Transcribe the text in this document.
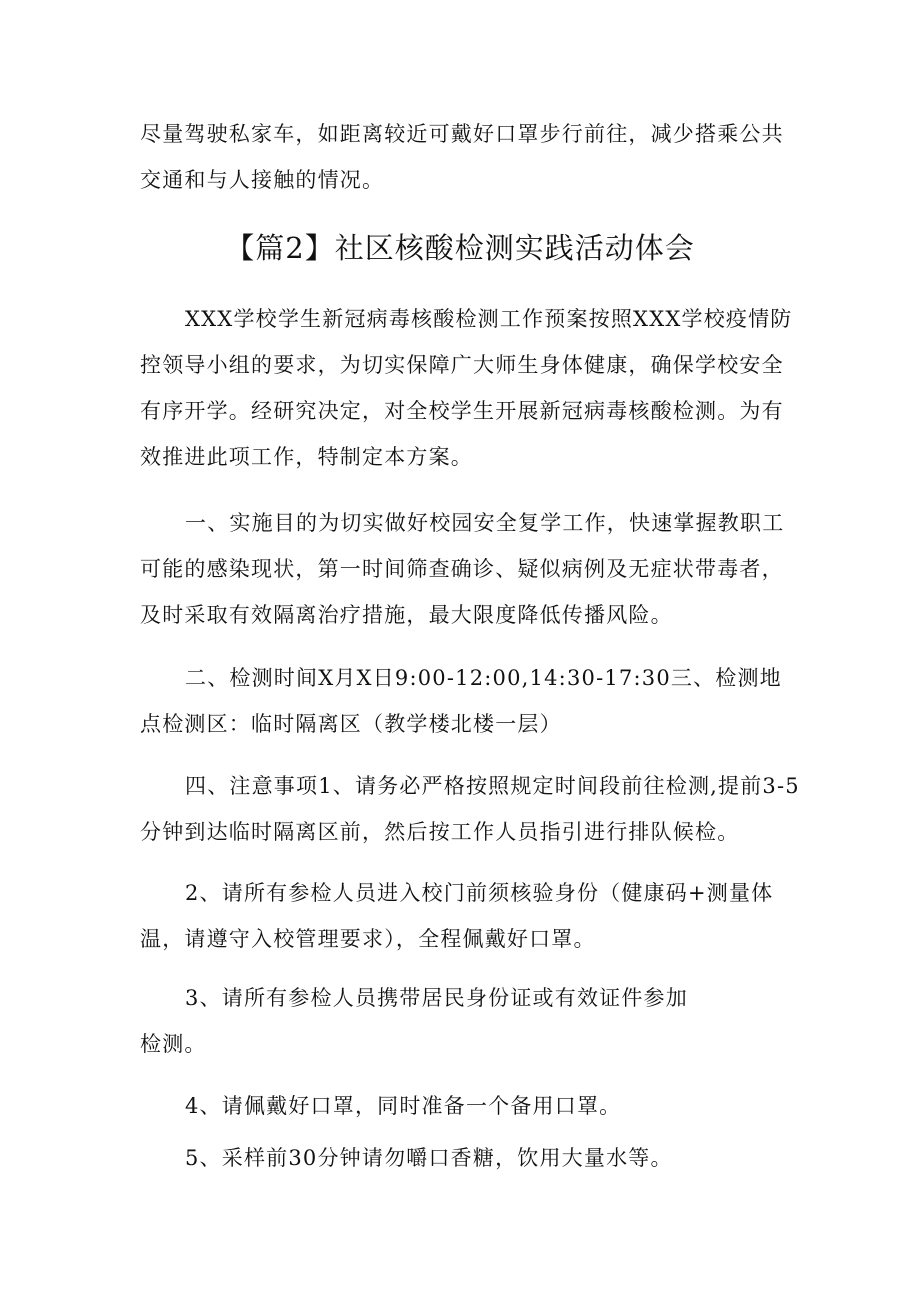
尽量驾驶私家车，如距离较近可戴好口罩步行前往，减少搭乘公共交通和与人接触的情况。
【篇2】社区核酸检测实践活动体会
XXX学校学生新冠病毒核酸检测工作预案按照XXX学校疫情防控领导小组的要求，为切实保障广大师生身体健康，确保学校安全有序开学。经研究决定，对全校学生开展新冠病毒核酸检测。为有效推进此项工作，特制定本方案。
一、实施目的为切实做好校园安全复学工作，快速掌握教职工可能的感染现状，第一时间筛查确诊、疑似病例及无症状带毒者，及时采取有效隔离治疗措施，最大限度降低传播风险。
二、检测时间X月X日9:00-12:00,14:30-17:30三、检测地点检测区：临时隔离区（教学楼北楼一层）
四、注意事项1、请务必严格按照规定时间段前往检测,提前3-5分钟到达临时隔离区前，然后按工作人员指引进行排队候检。
2、请所有参检人员进入校门前须核验身份（健康码+测量体温，请遵守入校管理要求），全程佩戴好口罩。
3、请所有参检人员携带居民身份证或有效证件参加检测。
4、请佩戴好口罩，同时准备一个备用口罩。
5、采样前30分钟请勿嚼口香糖，饮用大量水等。
